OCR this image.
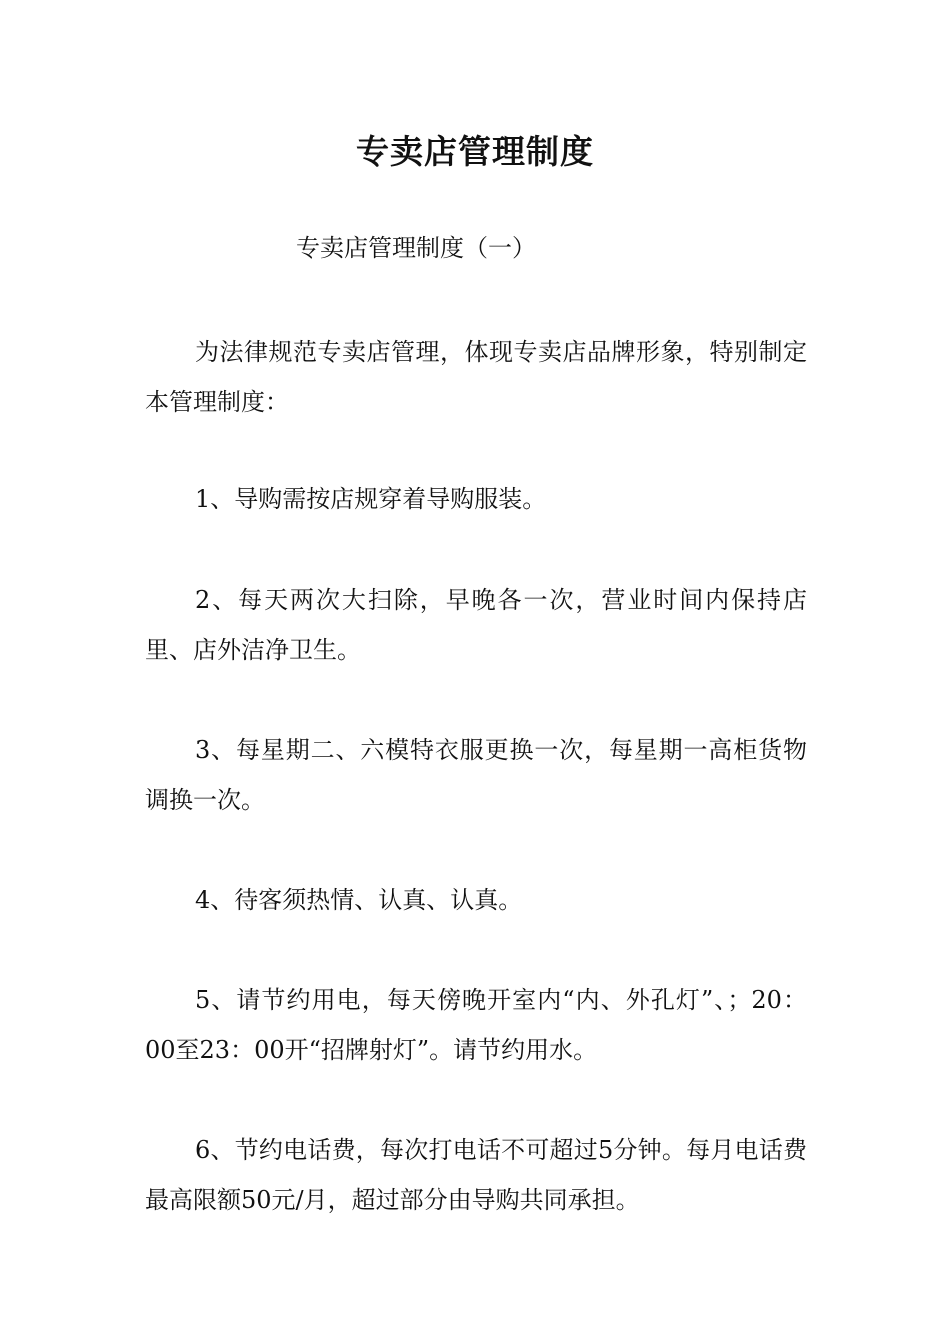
专卖店管理制度
专卖店管理制度（一）

为法律规范专卖店管理，体现专卖店品牌形象，特别制定本管理制度：

1、导购需按店规穿着导购服装。

2、每天两次大扫除，早晚各一次，营业时间内保持店里、店外洁净卫生。

3、每星期二、六模特衣服更换一次，每星期一高柜货物调换一次。

4、待客须热情、认真、认真。

5、请节约用电，每天傍晚开室内“内、外孔灯”、；20：00至23：00开“招牌射灯”。请节约用水。

6、节约电话费，每次打电话不可超过5分钟。每月电话费最高限额50元/月，超过部分由导购共同承担。
